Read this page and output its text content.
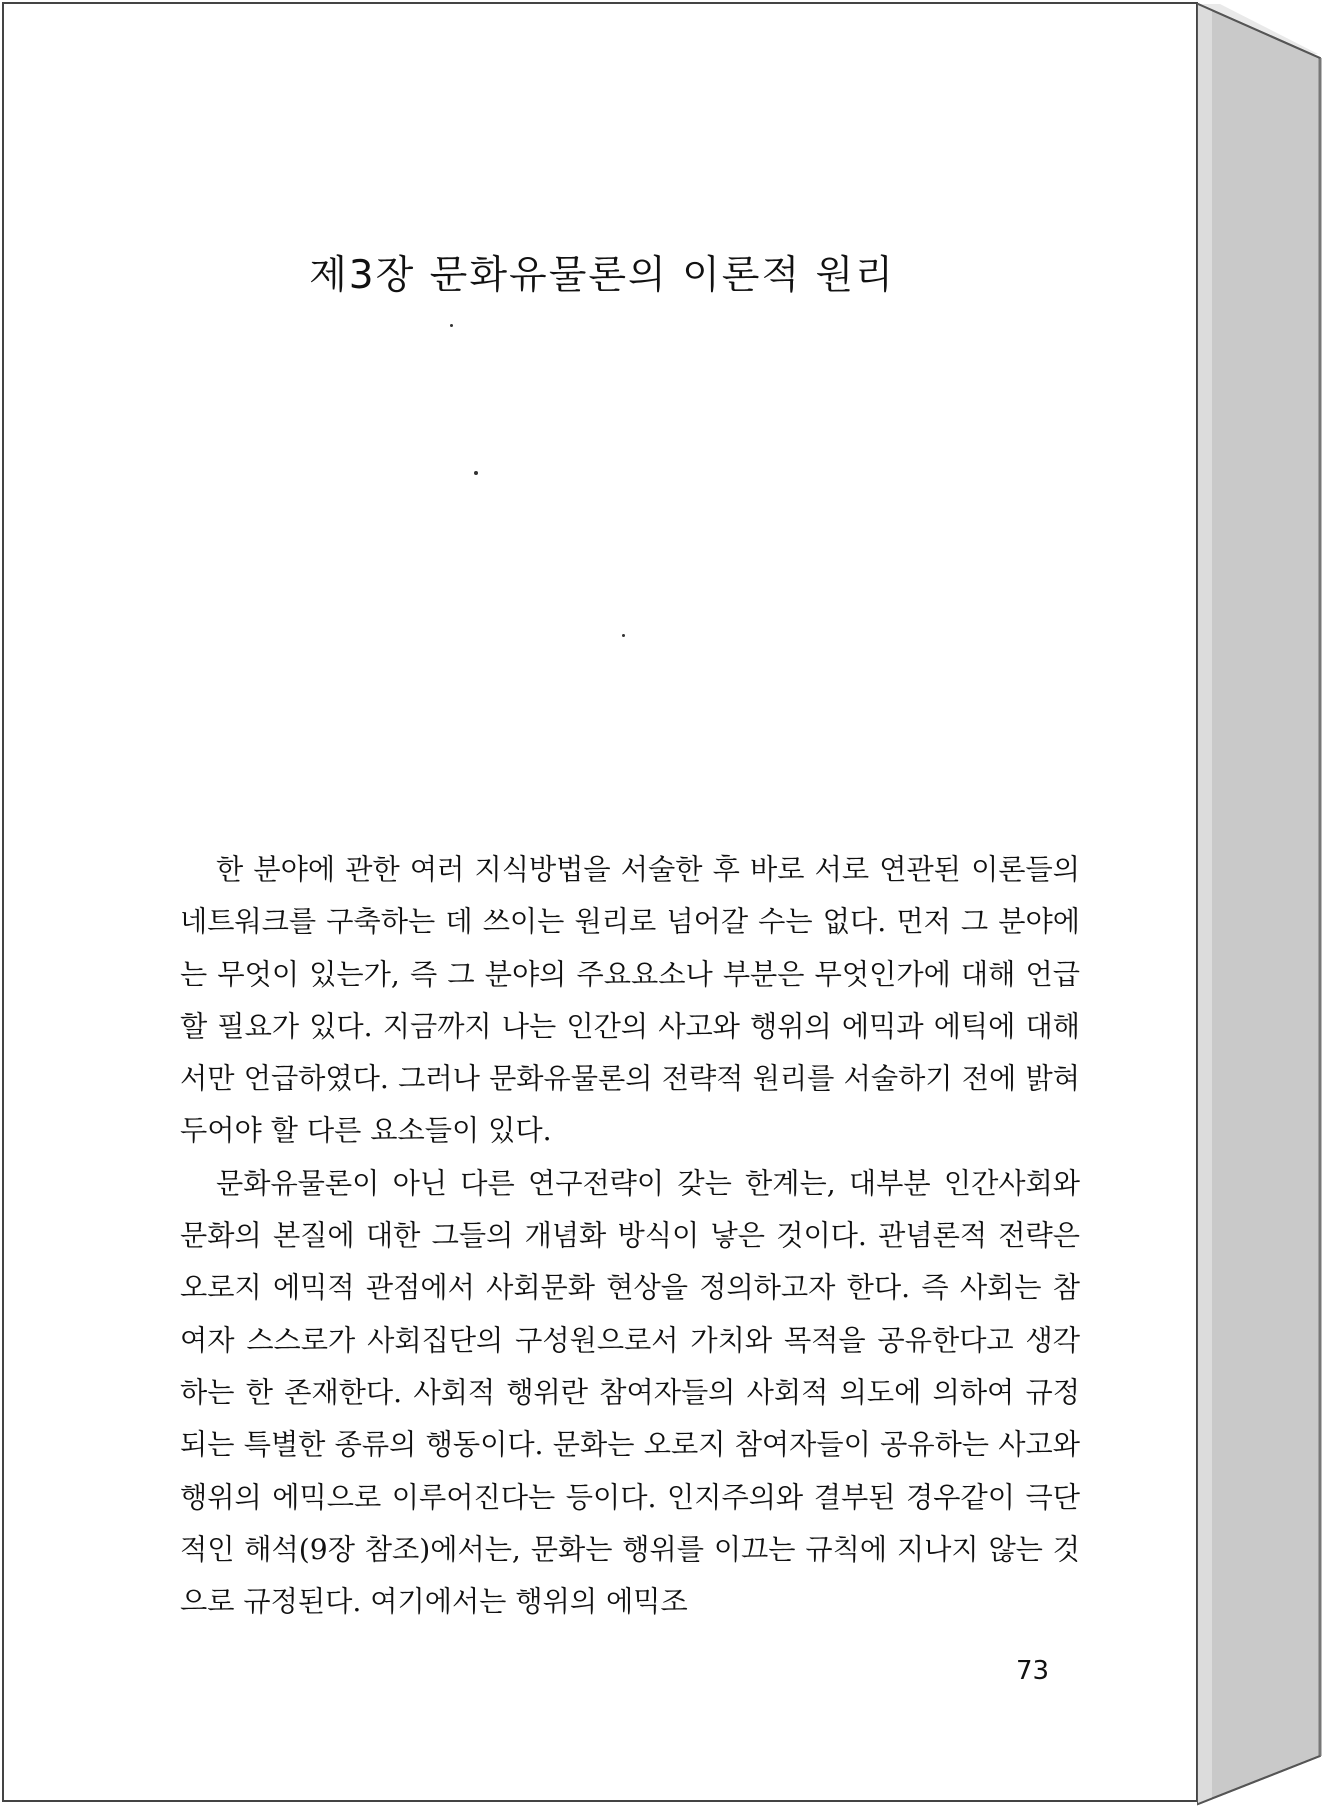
제3장 문화유물론의 이론적 원리

한 분야에 관한 여러 지식방법을 서술한 후 바로 서로 연관된 이론들의 네트워크를 구축하는 데 쓰이는 원리로 넘어갈 수는 없다. 먼저 그 분야에는 무엇이 있는가, 즉 그 분야의 주요요소나 부분은 무엇인가에 대해 언급할 필요가 있다. 지금까지 나는 인간의 사고와 행위의 에믹과 에틱에 대해서만 언급하였다. 그러나 문화유물론의 전략적 원리를 서술하기 전에 밝혀두어야 할 다른 요소들이 있다.

문화유물론이 아닌 다른 연구전략이 갖는 한계는, 대부분 인간사회와 문화의 본질에 대한 그들의 개념화 방식이 낳은 것이다. 관념론적 전략은 오로지 에믹적 관점에서 사회문화 현상을 정의하고자 한다. 즉 사회는 참여자 스스로가 사회집단의 구성원으로서 가치와 목적을 공유한다고 생각하는 한 존재한다. 사회적 행위란 참여자들의 사회적 의도에 의하여 규정되는 특별한 종류의 행동이다. 문화는 오로지 참여자들이 공유하는 사고와 행위의 에믹으로 이루어진다는 등이다. 인지주의와 결부된 경우같이 극단적인 해석(9장 참조)에서는, 문화는 행위를 이끄는 규칙에 지나지 않는 것으로 규정된다. 여기에서는 행위의 에믹조

73
